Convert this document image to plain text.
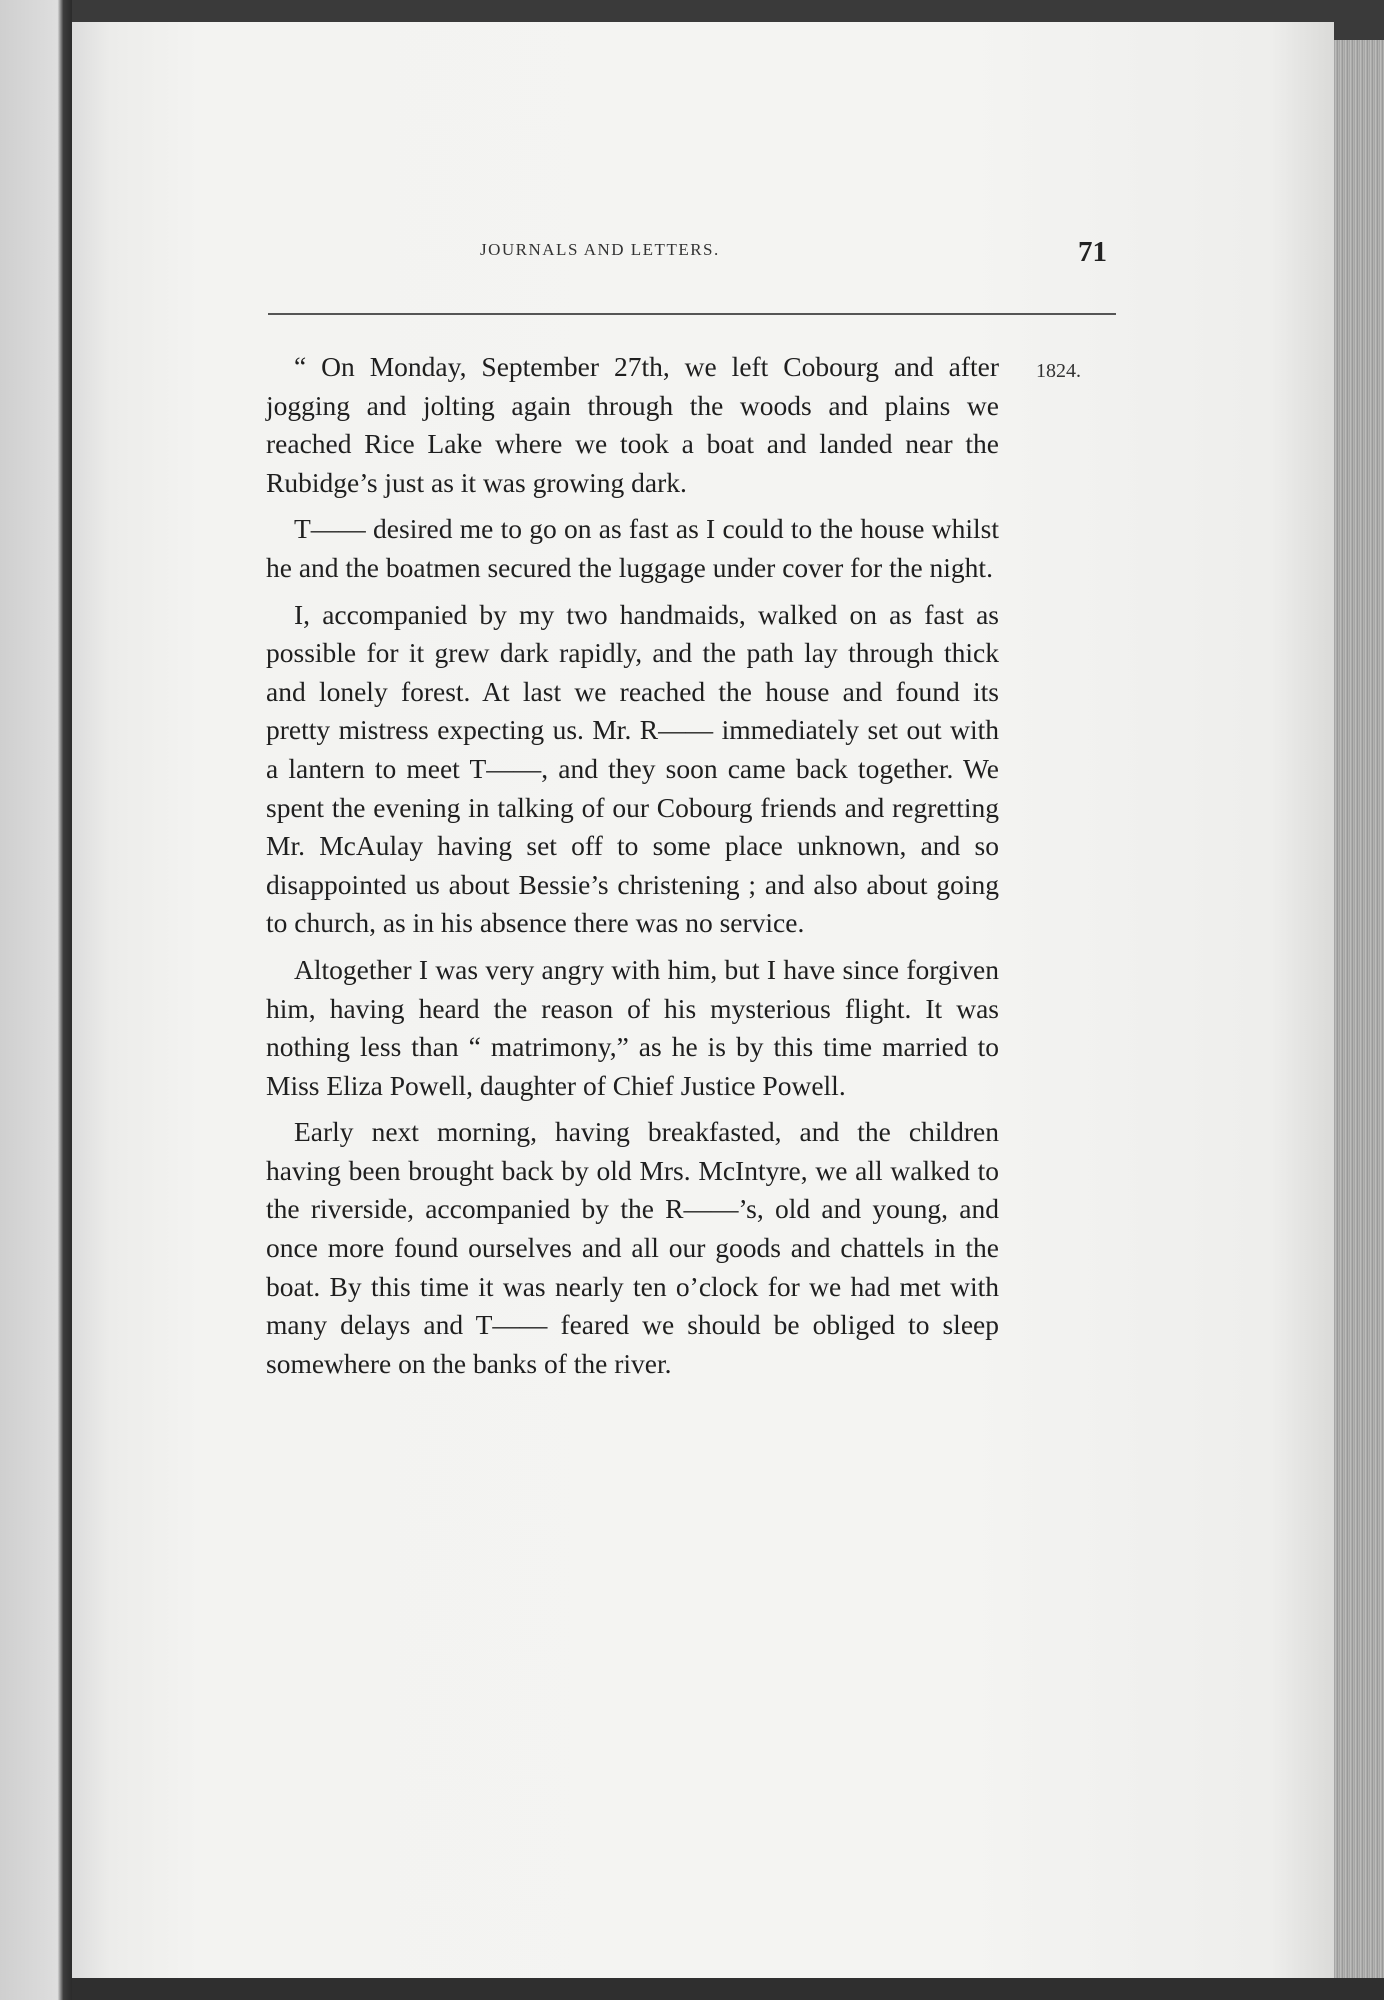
JOURNALS AND LETTERS.	71
1824.

“ On Monday, September 27th, we left Cobourg and after jogging and jolting again through the woods and plains we reached Rice Lake where we took a boat and landed near the Rubidge’s just as it was growing dark.

T—— desired me to go on as fast as I could to the house whilst he and the boatmen secured the luggage under cover for the night.

I, accompanied by my two handmaids, walked on as fast as possible for it grew dark rapidly, and the path lay through thick and lonely forest. At last we reached the house and found its pretty mistress expecting us. Mr. R—— immediately set out with a lantern to meet T——, and they soon came back together. We spent the evening in talking of our Cobourg friends and regretting Mr. McAulay having set off to some place unknown, and so disappointed us about Bessie’s christening ; and also about going to church, as in his absence there was no service.

Altogether I was very angry with him, but I have since forgiven him, having heard the reason of his mysterious flight. It was nothing less than “ matrimony,” as he is by this time married to Miss Eliza Powell, daughter of Chief Justice Powell.

Early next morning, having breakfasted, and the children having been brought back by old Mrs. McIntyre, we all walked to the riverside, accompanied by the R——’s, old and young, and once more found ourselves and all our goods and chattels in the boat. By this time it was nearly ten o’clock for we had met with many delays and T—— feared we should be obliged to sleep somewhere on the banks of the river.
